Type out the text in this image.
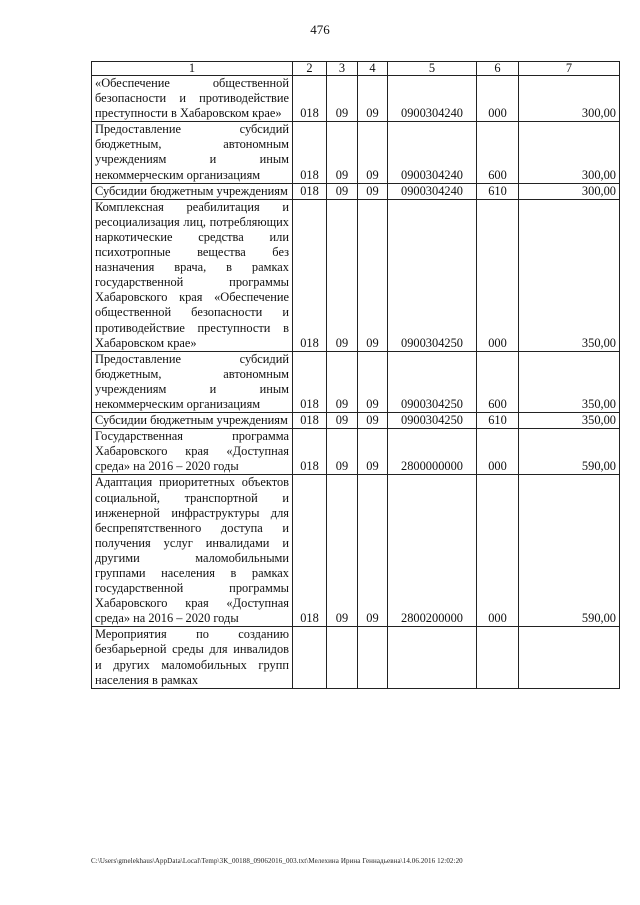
476
1	2	3	4	5	6	7
«Обеспечение общественной безопасности и противодействие преступности в Хабаровском крае»	018	09	09	0900304240	000	300,00
Предоставление субсидий бюджетным, автономным учреждениям и иным некоммерческим организациям	018	09	09	0900304240	600	300,00
Субсидии бюджетным учреждениям	018	09	09	0900304240	610	300,00
Комплексная реабилитация и ресоциализация лиц, потребляющих наркотические средства или психотропные вещества без назначения врача, в рамках государственной программы Хабаровского края «Обеспечение общественной безопасности и противодействие преступности в Хабаровском крае»	018	09	09	0900304250	000	350,00
Предоставление субсидий бюджетным, автономным учреждениям и иным некоммерческим организациям	018	09	09	0900304250	600	350,00
Субсидии бюджетным учреждениям	018	09	09	0900304250	610	350,00
Государственная программа Хабаровского края «Доступная среда» на 2016 – 2020 годы	018	09	09	2800000000	000	590,00
Адаптация приоритетных объектов социальной, транспортной и инженерной инфраструктуры для беспрепятственного доступа и получения услуг инвалидами и другими маломобильными группами населения в рамках государственной программы Хабаровского края «Доступная среда» на 2016 – 2020 годы	018	09	09	2800200000	000	590,00
Мероприятия по созданию безбарьерной среды для инвалидов и других маломобильных групп населения в рамках						
C:\Users\gmelekhaus\AppData\Local\Temp\3K_00188_09062016_003.txt\Мелехина Ирина Геннадьевна\14.06.2016 12:02:20
